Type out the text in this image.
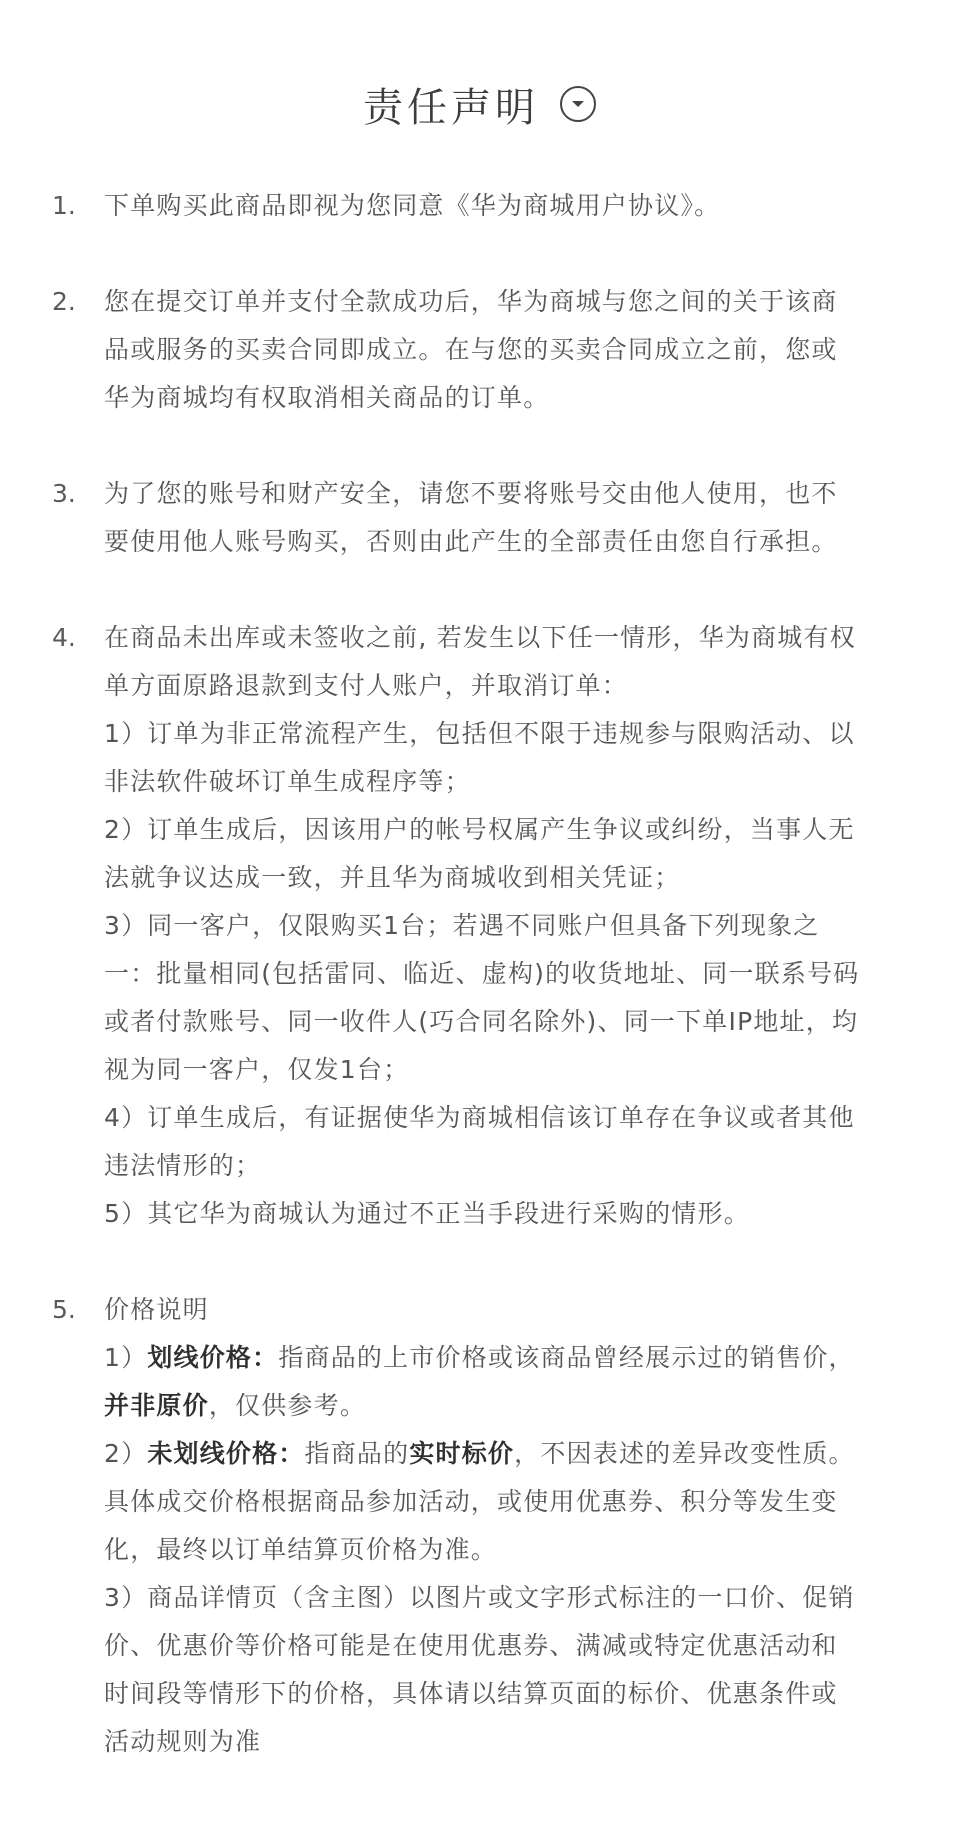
责任声明
1.	下单购买此商品即视为您同意《华为商城用户协议》。
2.	您在提交订单并支付全款成功后，华为商城与您之间的关于该商
品或服务的买卖合同即成立。在与您的买卖合同成立之前，您或
华为商城均有权取消相关商品的订单。
3.	为了您的账号和财产安全，请您不要将账号交由他人使用，也不
要使用他人账号购买，否则由此产生的全部责任由您自行承担。
4.	在商品未出库或未签收之前, 若发生以下任一情形，华为商城有权
单方面原路退款到支付人账户，并取消订单：
1）订单为非正常流程产生，包括但不限于违规参与限购活动、以
非法软件破坏订单生成程序等；
2）订单生成后，因该用户的帐号权属产生争议或纠纷，当事人无
法就争议达成一致，并且华为商城收到相关凭证；
3）同一客户，仅限购买1台；若遇不同账户但具备下列现象之
一：批量相同(包括雷同、临近、虚构)的收货地址、同一联系号码
或者付款账号、同一收件人(巧合同名除外)、同一下单IP地址，均
视为同一客户，仅发1台；
4）订单生成后，有证据使华为商城相信该订单存在争议或者其他
违法情形的；
5）其它华为商城认为通过不正当手段进行采购的情形。
5.	价格说明
1）划线价格：指商品的上市价格或该商品曾经展示过的销售价，
并非原价，仅供参考。
2）未划线价格：指商品的实时标价，不因表述的差异改变性质。
具体成交价格根据商品参加活动，或使用优惠券、积分等发生变
化，最终以订单结算页价格为准。
3）商品详情页（含主图）以图片或文字形式标注的一口价、促销
价、优惠价等价格可能是在使用优惠券、满减或特定优惠活动和
时间段等情形下的价格，具体请以结算页面的标价、优惠条件或
活动规则为准
